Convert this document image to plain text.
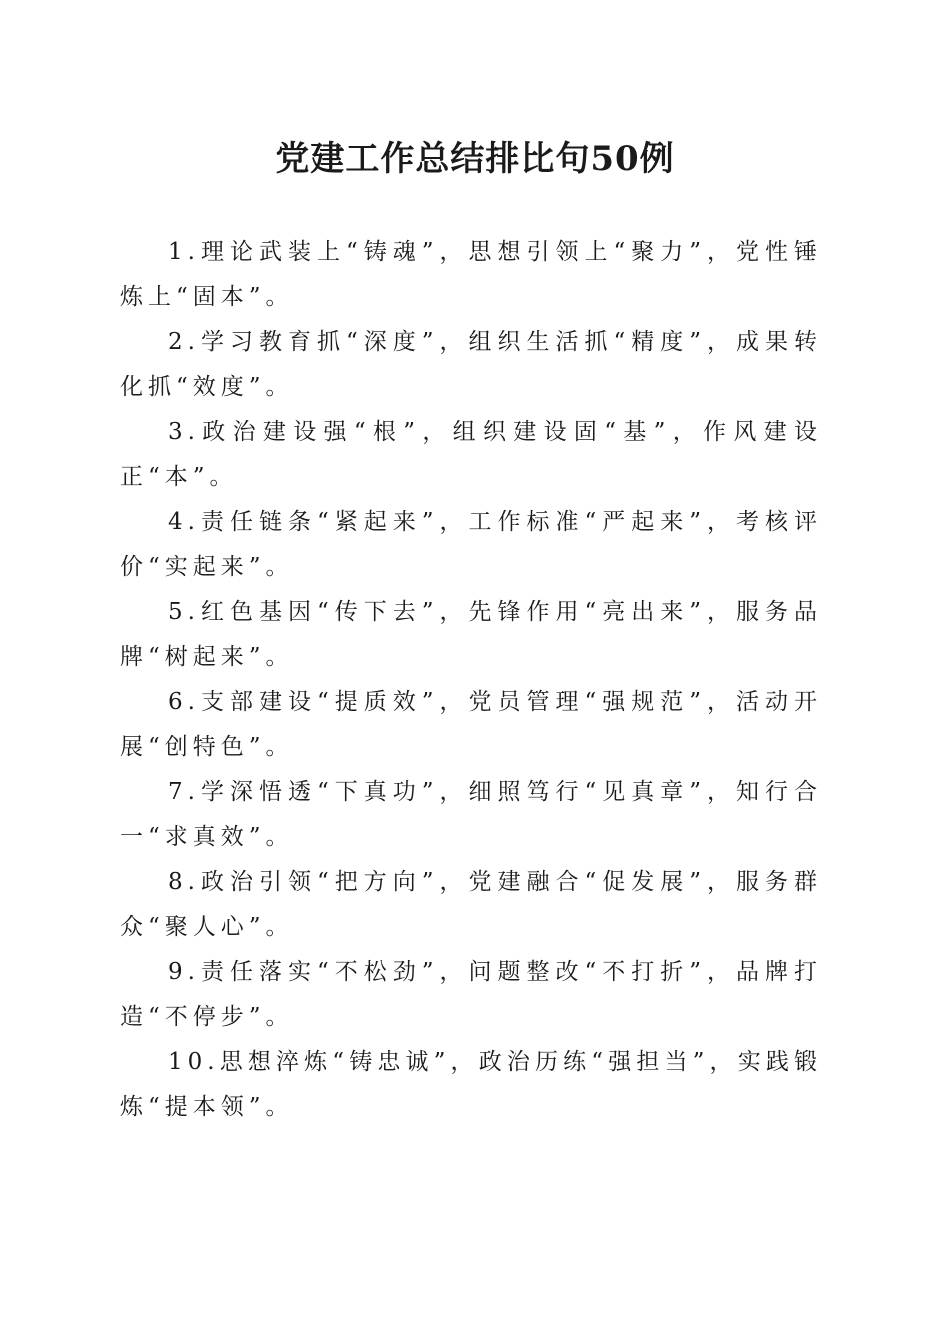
党建工作总结排比句50例

1.理论武装上“铸魂”，思想引领上“聚力”，党性锤炼上“固本”。

2.学习教育抓“深度”，组织生活抓“精度”，成果转化抓“效度”。

3.政治建设强“根”，组织建设固“基”，作风建设正“本”。

4.责任链条“紧起来”，工作标准“严起来”，考核评价“实起来”。

5.红色基因“传下去”，先锋作用“亮出来”，服务品牌“树起来”。

6.支部建设“提质效”，党员管理“强规范”，活动开展“创特色”。

7.学深悟透“下真功”，细照笃行“见真章”，知行合一“求真效”。

8.政治引领“把方向”，党建融合“促发展”，服务群众“聚人心”。

9.责任落实“不松劲”，问题整改“不打折”，品牌打造“不停步”。

10.思想淬炼“铸忠诚”，政治历练“强担当”，实践锻炼“提本领”。
